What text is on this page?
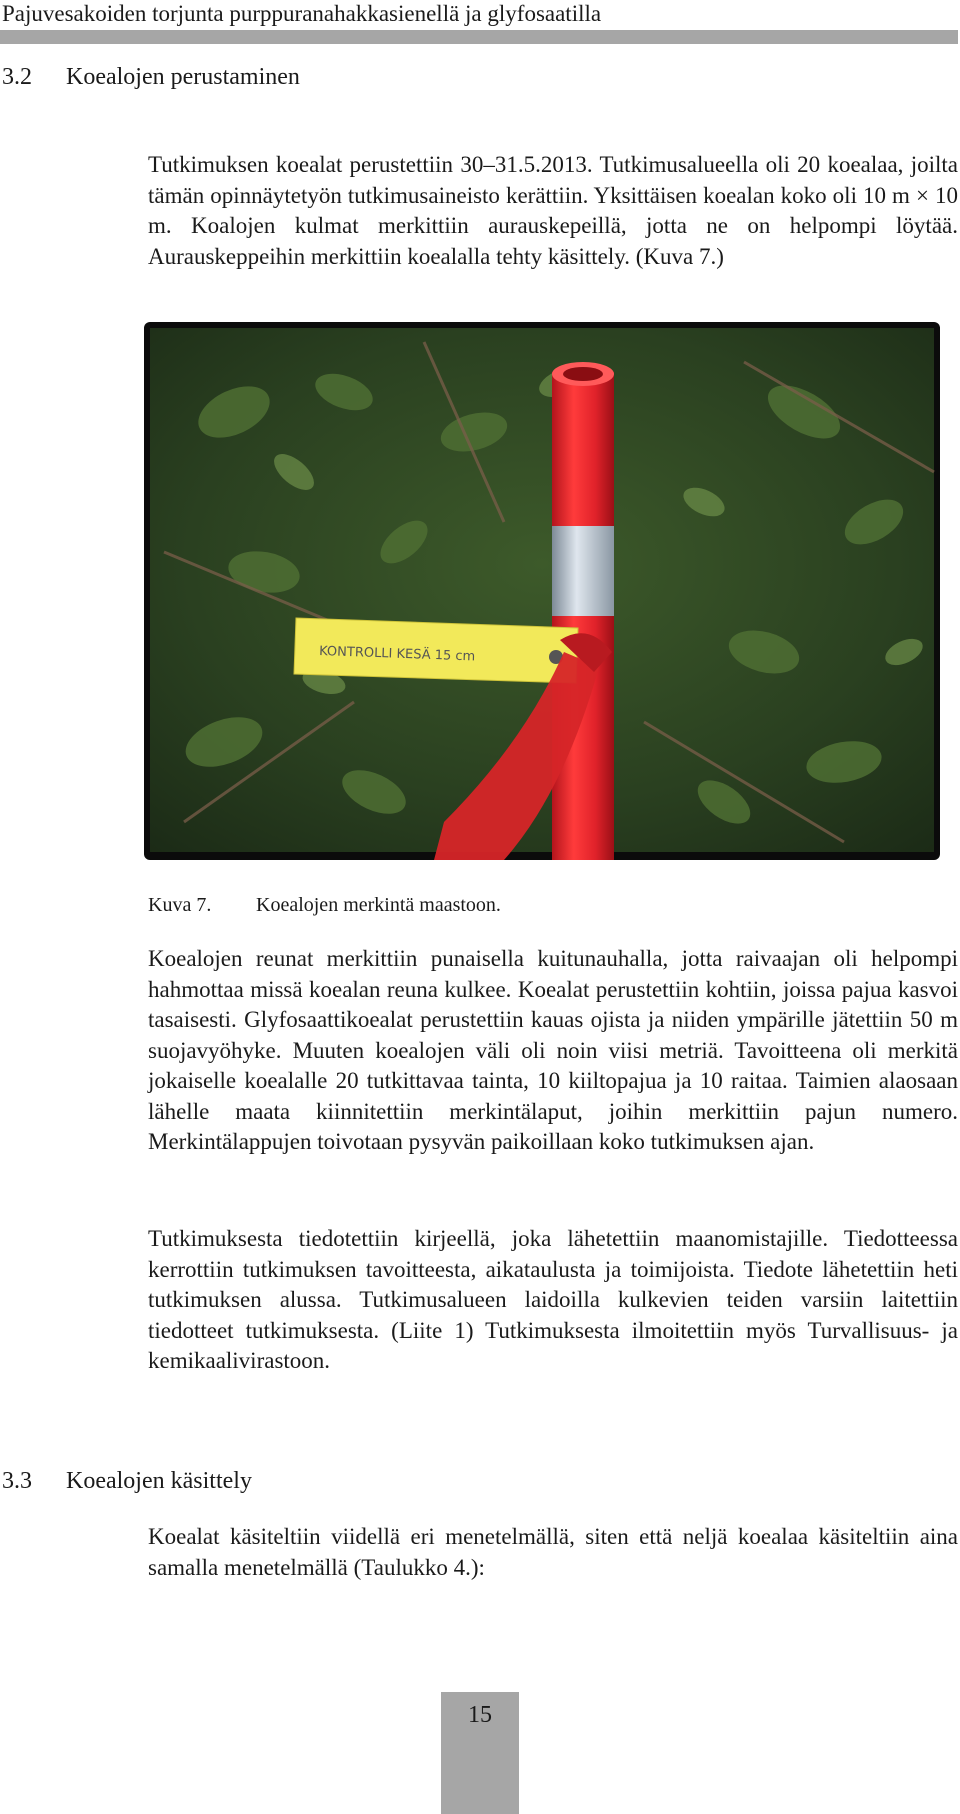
Pajuvesakoiden torjunta purppuranahakkasienellä ja glyfosaatilla
3.2 Koealojen perustaminen

Tutkimuksen koealat perustettiin 30–31.5.2013. Tutkimusalueella oli 20 koealaa, joilta tämän opinnäytetyön tutkimusaineisto kerättiin. Yksittäisen koealan koko oli 10 m × 10 m. Koalojen kulmat merkittiin aurauskepeillä, jotta ne on helpompi löytää. Aurauskeppeihin merkittiin koealalla tehty käsittely. (Kuva 7.)

KONTROLLI KESÄ 15 cm
Kuva 7. Koealojen merkintä maastoon.

Koealojen reunat merkittiin punaisella kuitunauhalla, jotta raivaajan oli helpompi hahmottaa missä koealan reuna kulkee. Koealat perustettiin kohtiin, joissa pajua kasvoi tasaisesti. Glyfosaattikoealat perustettiin kauas ojista ja niiden ympärille jätettiin 50 m suojavyöhyke. Muuten koealojen väli oli noin viisi metriä. Tavoitteena oli merkitä jokaiselle koealalle 20 tutkittavaa tainta, 10 kiiltopajua ja 10 raitaa. Taimien alaosaan lähelle maata kiinnitettiin merkintälaput, joihin merkittiin pajun numero. Merkintälappujen toivotaan pysyvän paikoillaan koko tutkimuksen ajan.

Tutkimuksesta tiedotettiin kirjeellä, joka lähetettiin maanomistajille. Tiedotteessa kerrottiin tutkimuksen tavoitteesta, aikataulusta ja toimijoista. Tiedote lähetettiin heti tutkimuksen alussa. Tutkimusalueen laidoilla kulkevien teiden varsiin laitettiin tiedotteet tutkimuksesta. (Liite 1) Tutkimuksesta ilmoitettiin myös Turvallisuus- ja kemikaalivirastoon.

3.3 Koealojen käsittely

Koealat käsiteltiin viidellä eri menetelmällä, siten että neljä koealaa käsiteltiin aina samalla menetelmällä (Taulukko 4.):

15
